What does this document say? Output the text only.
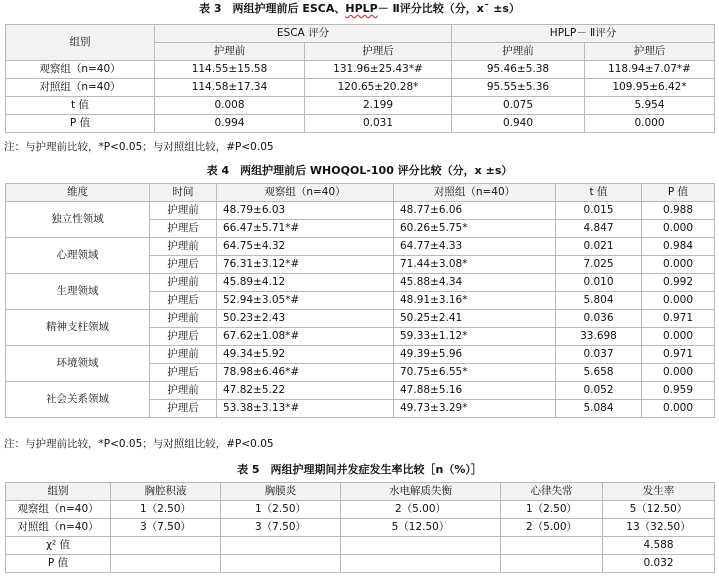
表 3　两组护理前后 ESCA、HPLP－ Ⅱ评分比较（分，x¯ ±s）
组别	ESCA 评分		HPLP－ Ⅱ评分	
	护理前	护理后	护理前	护理后
观察组（n=40）	114.55±15.58	131.96±25.43*#	95.46±5.38	118.94±7.07*#
对照组（n=40）	114.58±17.34	120.65±20.28*	95.55±5.36	109.95±6.42*
t 值	0.008	2.199	0.075	5.954
P 值	0.994	0.031	0.940	0.000
注：与护理前比较，*P<0.05；与对照组比较，#P<0.05
表 4　两组护理前后 WHOQOL-100 评分比较（分，x ±s）
维度	时间	观察组（n=40）	对照组（n=40）	t 值	P 值
独立性领域	护理前	48.79±6.03	48.77±6.06	0.015	0.988
	护理后	66.47±5.71*#	60.26±5.75*	4.847	0.000
心理领域	护理前	64.75±4.32	64.77±4.33	0.021	0.984
	护理后	76.31±3.12*#	71.44±3.08*	7.025	0.000
生理领域	护理前	45.89±4.12	45.88±4.34	0.010	0.992
	护理后	52.94±3.05*#	48.91±3.16*	5.804	0.000
精神支柱领域	护理前	50.23±2.43	50.25±2.41	0.036	0.971
	护理后	67.62±1.08*#	59.33±1.12*	33.698	0.000
环境领域	护理前	49.34±5.92	49.39±5.96	0.037	0.971
	护理后	78.98±6.46*#	70.75±6.55*	5.658	0.000
社会关系领域	护理前	47.82±5.22	47.88±5.16	0.052	0.959
	护理后	53.38±3.13*#	49.73±3.29*	5.084	0.000
注：与护理前比较，*P<0.05；与对照组比较，#P<0.05
表 5　两组护理期间并发症发生率比较［n（%）］
组别	胸腔积液	胸膜炎	水电解质失衡	心律失常	发生率
观察组（n=40）	1（2.50）	1（2.50）	2（5.00）	1（2.50）	5（12.50）
对照组（n=40）	3（7.50）	3（7.50）	5（12.50）	2（5.00）	13（32.50）
χ² 值					4.588
P 值					0.032
